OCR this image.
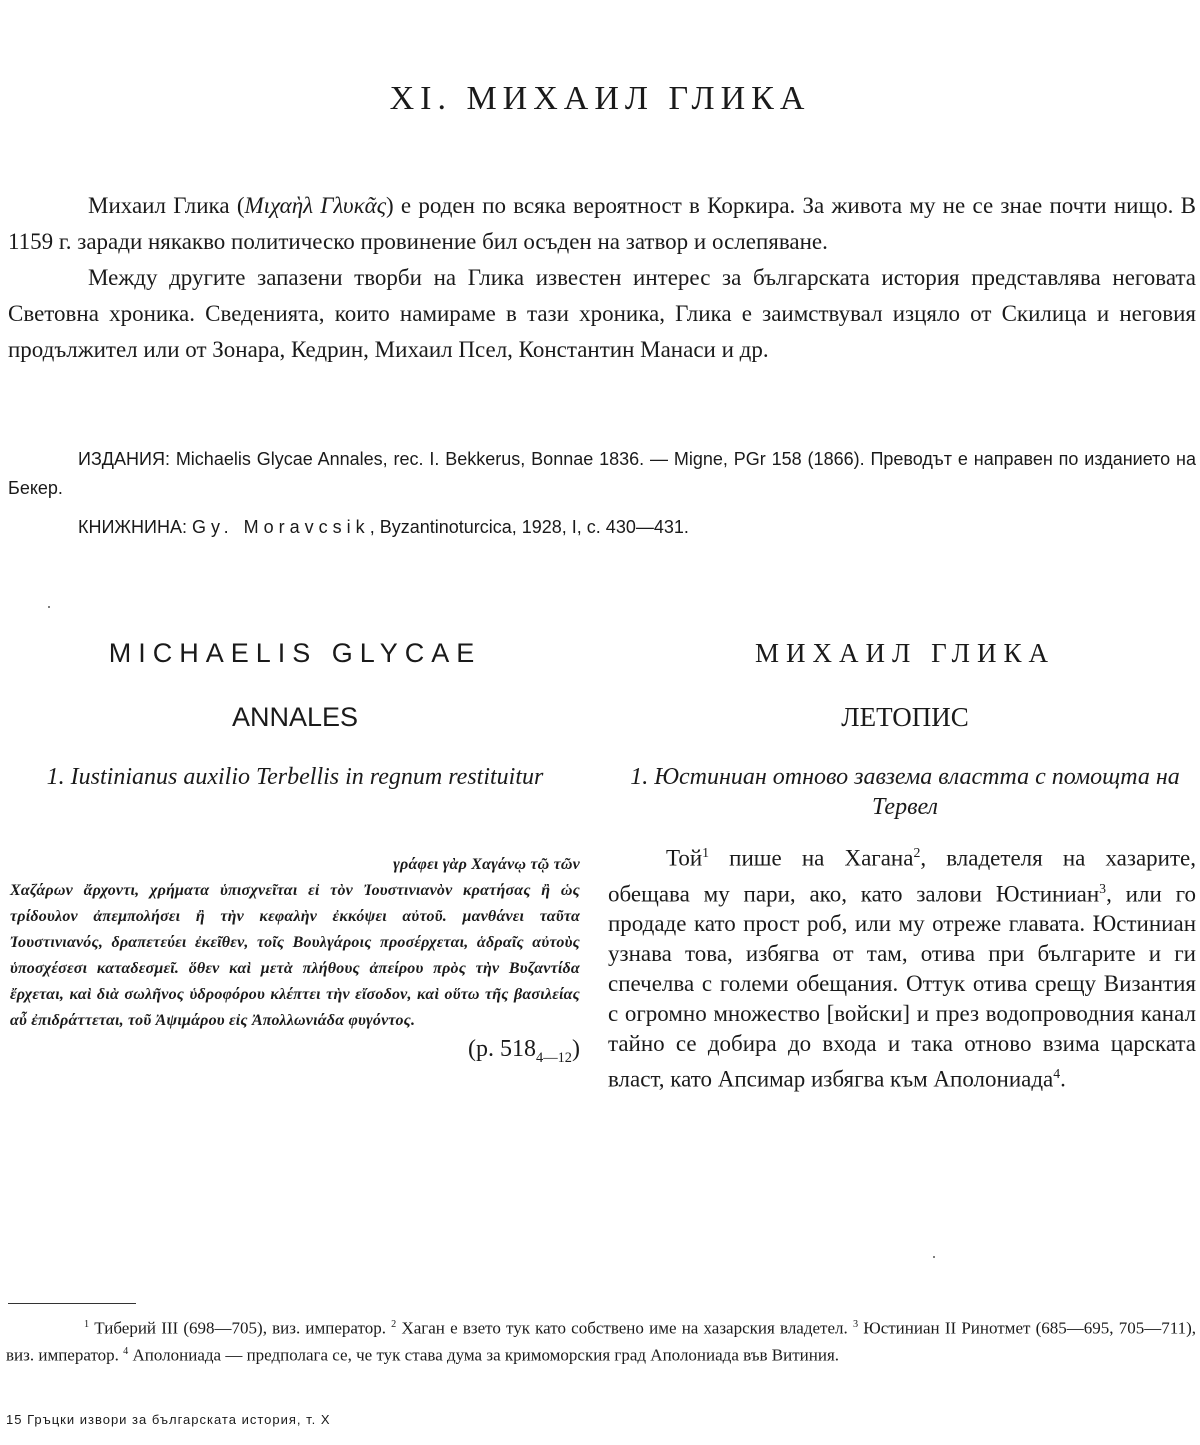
XI. МИХАИЛ ГЛИКА

Михаил Глика (Μιχαὴλ Γλυκᾶς) е роден по всяка вероятност в Коркира. За живота му не се знае почти нищо. В 1159 г. заради някакво политическо провинение бил осъден на затвор и ослепяване.

Между другите запазени творби на Глика известен интерес за българската история представлява неговата Световна хроника. Сведенията, които намираме в тази хроника, Глика е заимствувал изцяло от Скилица и неговия продължител или от Зонара, Кедрин, Михаил Псел, Константин Манаси и др.

ИЗДАНИЯ: Michaelis Glycae Annales, rec. I. Bekkerus, Bonnae 1836. — Migne, PGr 158 (1866). Преводът е направен по изданието на Бекер.
КНИЖНИНА: Gy. Moravcsik, Byzantinoturcica, 1928, I, с. 430—431.
MICHAELIS GLYCAE
ANNALES
1. Iustinianus auxilio Terbellis in regnum restituitur
МИХАИЛ ГЛИКА
ЛЕТОПИС
1. Юстиниан отново завзема властта с помощта на Тервел
γράφει γὰρ Χαγάνῳ τῷ τῶν
Χαζάρων ἄρχοντι, χρήματα ὑπισχνεῖται εἰ τὸν Ἰουστινιανὸν κρατήσας ἢ ὡς τρίδουλον ἀπεμπολήσει ἢ τὴν κεφαλὴν ἐκκόψει αὐτοῦ. μανθάνει ταῦτα Ἰουστινιανός, δραπετεύει ἐκεῖθεν, τοῖς Βουλγάροις προσέρχεται, ἁδραῖς αὐτοὺς ὑποσχέσεσι καταδεσμεῖ. ὅθεν καὶ μετὰ πλήθους ἀπείρου πρὸς τὴν Βυζαντίδα ἔρχεται, καὶ διὰ σωλῆνος ὑδροφόρου κλέπτει τὴν εἴσοδον, καὶ οὕτω τῆς βασιλείας αὖ ἐπιδράττεται, τοῦ Ἀψιμάρου εἰς Ἀπολλωνιάδα φυγόντος.
(p. $518_{4—12}$)

Той$^1$ пише на Хагана$^2$, владетеля на хазарите, обещава му пари, ако, като залови Юстиниан$^3$, или го продаде като прост роб, или му отреже главата. Юстиниан узнава това, избягва от там, отива при българите и ги спечелва с големи обещания. Оттук отива срещу Византия с огромно множество [войски] и през водопроводния канал тайно се добира до входа и така отново взима царската власт, като Апсимар избягва към Аполониада$^4$.

$^1$ Тиберий III (698—705), виз. император. $^2$ Хаган е взето тук като собствено име на хазарския владетел. $^3$ Юстиниан II Ринотмет (685—695, 705—711), виз. император. $^4$ Аполониада — предполага се, че тук става дума за кримоморския град Аполониада във Витиния.
15 Гръцки извори за българската история, т. X
